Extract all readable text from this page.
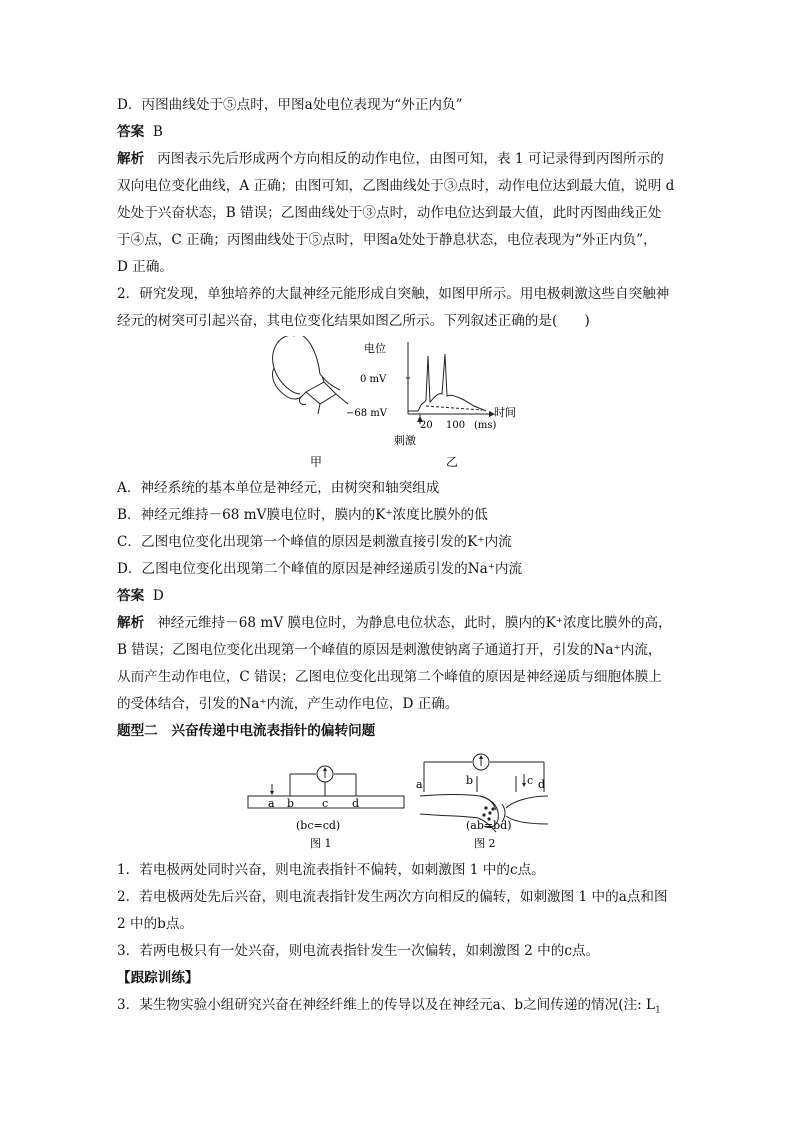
D．丙图曲线处于⑤点时，甲图a处电位表现为“外正内负”
答案 B
解析 丙图表示先后形成两个方向相反的动作电位，由图可知，表 1 可记录得到丙图所示的
双向电位变化曲线，A 正确；由图可知，乙图曲线处于③点时，动作电位达到最大值，说明 d
处处于兴奋状态，B 错误；乙图曲线处于③点时，动作电位达到最大值，此时丙图曲线正处
于④点，C 正确；丙图曲线处于⑤点时，甲图a处处于静息状态，电位表现为“外正内负”，
D 正确。
2．研究发现，单独培养的大鼠神经元能形成自突触，如图甲所示。用电极刺激这些自突触神
经元的树突可引起兴奋，其电位变化结果如图乙所示。下列叙述正确的是(　　)
甲
电位
0 mV
−68 mV	时间
20 100 (ms)
刺激
乙
A．神经系统的基本单位是神经元，由树突和轴突组成
B．神经元维持－68 mV膜电位时，膜内的K⁺浓度比膜外的低
C．乙图电位变化出现第一个峰值的原因是刺激直接引发的K⁺内流
D．乙图电位变化出现第二个峰值的原因是神经递质引发的Na⁺内流
答案 D
解析 神经元维持－68 mV 膜电位时，为静息电位状态，此时，膜内的K⁺浓度比膜外的高，
B 错误；乙图电位变化出现第一个峰值的原因是刺激使钠离子通道打开，引发的Na⁺内流，
从而产生动作电位，C 错误；乙图电位变化出现第二个峰值的原因是神经递质与细胞体膜上
的受体结合，引发的Na⁺内流，产生动作电位，D 正确。
题型二　兴奋传递中电流表指针的偏转问题
a b	c d
(bc=cd)
图 1
a	b	c d
(ab=bd)
图 2
1．若电极两处同时兴奋，则电流表指针不偏转，如刺激图 1 中的c点。
2．若电极两处先后兴奋，则电流表指针发生两次方向相反的偏转，如刺激图 1 中的a点和图
2 中的b点。
3．若两电极只有一处兴奋，则电流表指针发生一次偏转，如刺激图 2 中的c点。
【跟踪训练】
3．某生物实验小组研究兴奋在神经纤维上的传导以及在神经元a、b之间传递的情况(注: $L_1$
